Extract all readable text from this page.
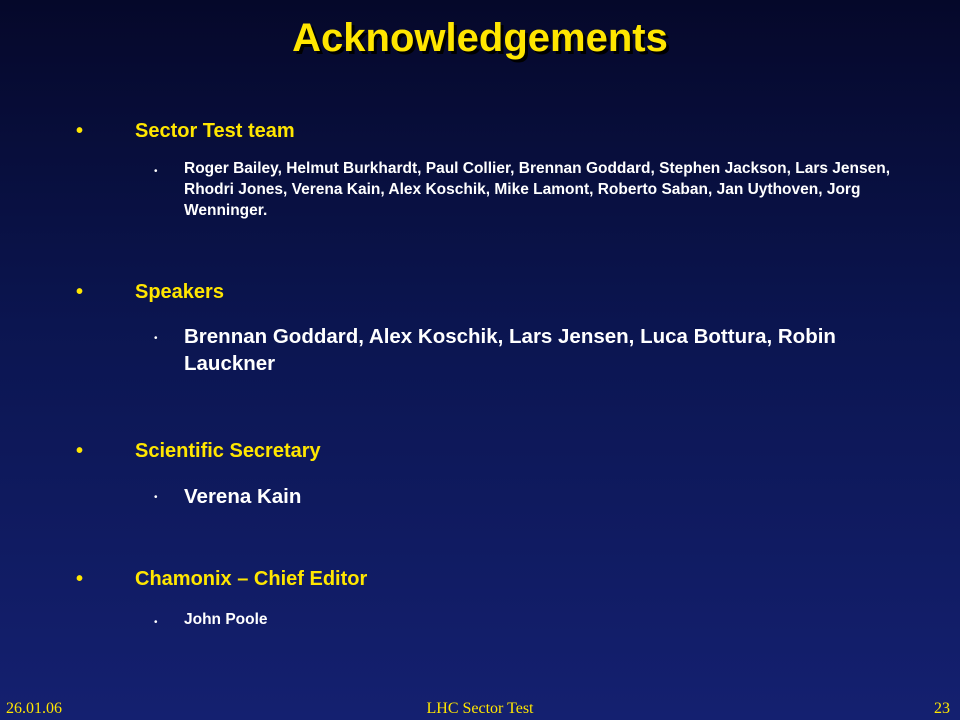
Acknowledgements
•	Sector Test team
• Roger Bailey, Helmut Burkhardt, Paul Collier, Brennan Goddard, Stephen Jackson, Lars Jensen, Rhodri Jones, Verena Kain, Alex Koschik, Mike Lamont, Roberto Saban, Jan Uythoven, Jorg Wenninger.
•	Speakers
• Brennan Goddard, Alex Koschik, Lars Jensen, Luca Bottura, Robin Lauckner
•	Scientific Secretary
• Verena Kain
•	Chamonix – Chief Editor
• John Poole
26.01.06	LHC Sector Test	23
